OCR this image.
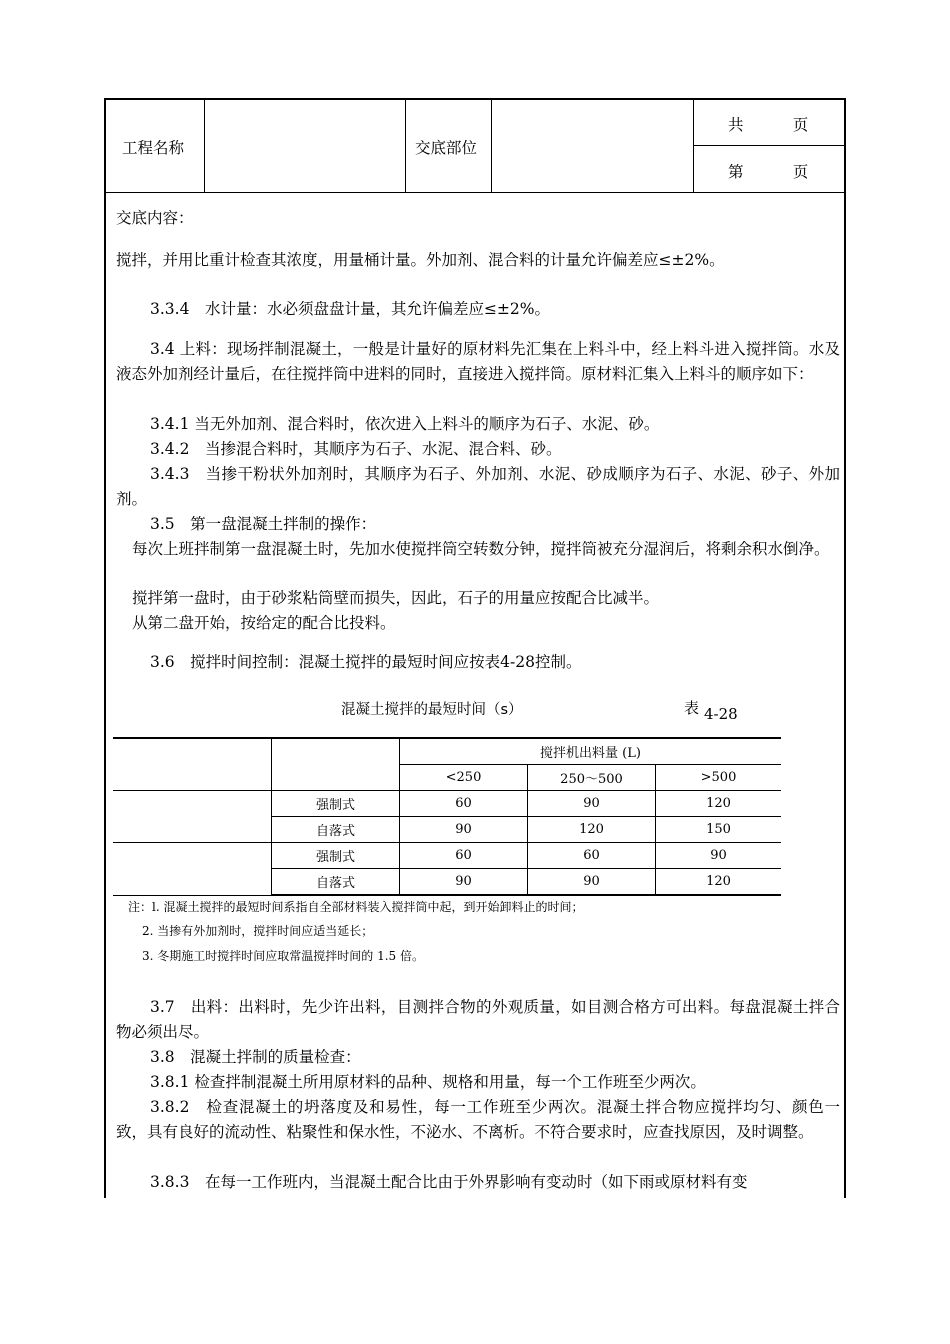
工程名称	交底部位
共          页
第          页
交底内容：
搅拌，并用比重计检查其浓度，用量桶计量。外加剂、混合料的计量允许偏差应≤±2%。
3.3.4　水计量：水必须盘盘计量，其允许偏差应≤±2%。
3.4 上料：现场拌制混凝土，一般是计量好的原材料先汇集在上料斗中，经上料斗进入搅拌筒。水及液态外加剂经计量后，在往搅拌筒中进料的同时，直接进入搅拌筒。原材料汇集入上料斗的顺序如下：
3.4.1 当无外加剂、混合料时，依次进入上料斗的顺序为石子、水泥、砂。
3.4.2　当掺混合料时，其顺序为石子、水泥、混合料、砂。
3.4.3　当掺干粉状外加剂时，其顺序为石子、外加剂、水泥、砂成顺序为石子、水泥、砂子、外加剂。
3.5　第一盘混凝土拌制的操作：
每次上班拌制第一盘混凝土时，先加水使搅拌筒空转数分钟，搅拌筒被充分湿润后，将剩余积水倒净。
搅拌第一盘时，由于砂浆粘筒壁而损失，因此，石子的用量应按配合比减半。
从第二盘开始，按给定的配合比投料。
3.6　搅拌时间控制：混凝土搅拌的最短时间应按表4-28控制。
3.7　出料：出料时，先少许出料，目测拌合物的外观质量，如目测合格方可出料。每盘混凝土拌合物必须出尽。
3.8　混凝土拌制的质量检查：
3.8.1 检查拌制混凝土所用原材料的品种、规格和用量，每一个工作班至少两次。
3.8.2　检查混凝土的坍落度及和易性，每一工作班至少两次。混凝土拌合物应搅拌均匀、颜色一致，具有良好的流动性、粘聚性和保水性，不泌水、不离析。不符合要求时，应查找原因，及时调整。
3.8.3　在每一工作班内，当混凝土配合比由于外界影响有变动时（如下雨或原材料有变
混凝土搅拌的最短时间（s）	表 4-28
		搅拌机出料量 (L)		
		<250	250～500	>500
	强制式	60	90	120
	自落式	90	120	150
	强制式	60	60	90
	自落式	90	90	120
注：l. 混凝土搅拌的最短时间系指自全部材料装入搅拌筒中起，到开始卸料止的时间；
2. 当掺有外加剂时，搅拌时间应适当延长；
3. 冬期施工时搅拌时间应取常温搅拌时间的 1.5 倍。
